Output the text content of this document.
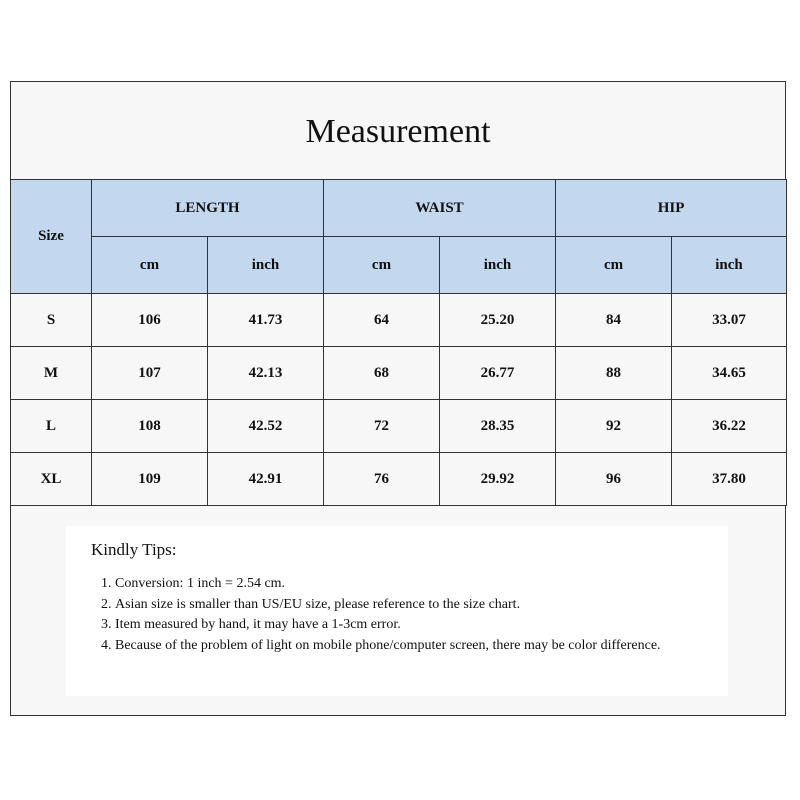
Measurement
Size	LENGTH		WAIST		HIP	
	cm	inch	cm	inch	cm	inch
S	106	41.73	64	25.20	84	33.07
M	107	42.13	68	26.77	88	34.65
L	108	42.52	72	28.35	92	36.22
XL	109	42.91	76	29.92	96	37.80
Kindly Tips:
1. Conversion: 1 inch = 2.54 cm.
2. Asian size is smaller than US/EU size, please reference to the size chart.
3. Item measured by hand, it may have a 1-3cm error.
4. Because of the problem of light on mobile phone/computer screen, there may be color difference.
